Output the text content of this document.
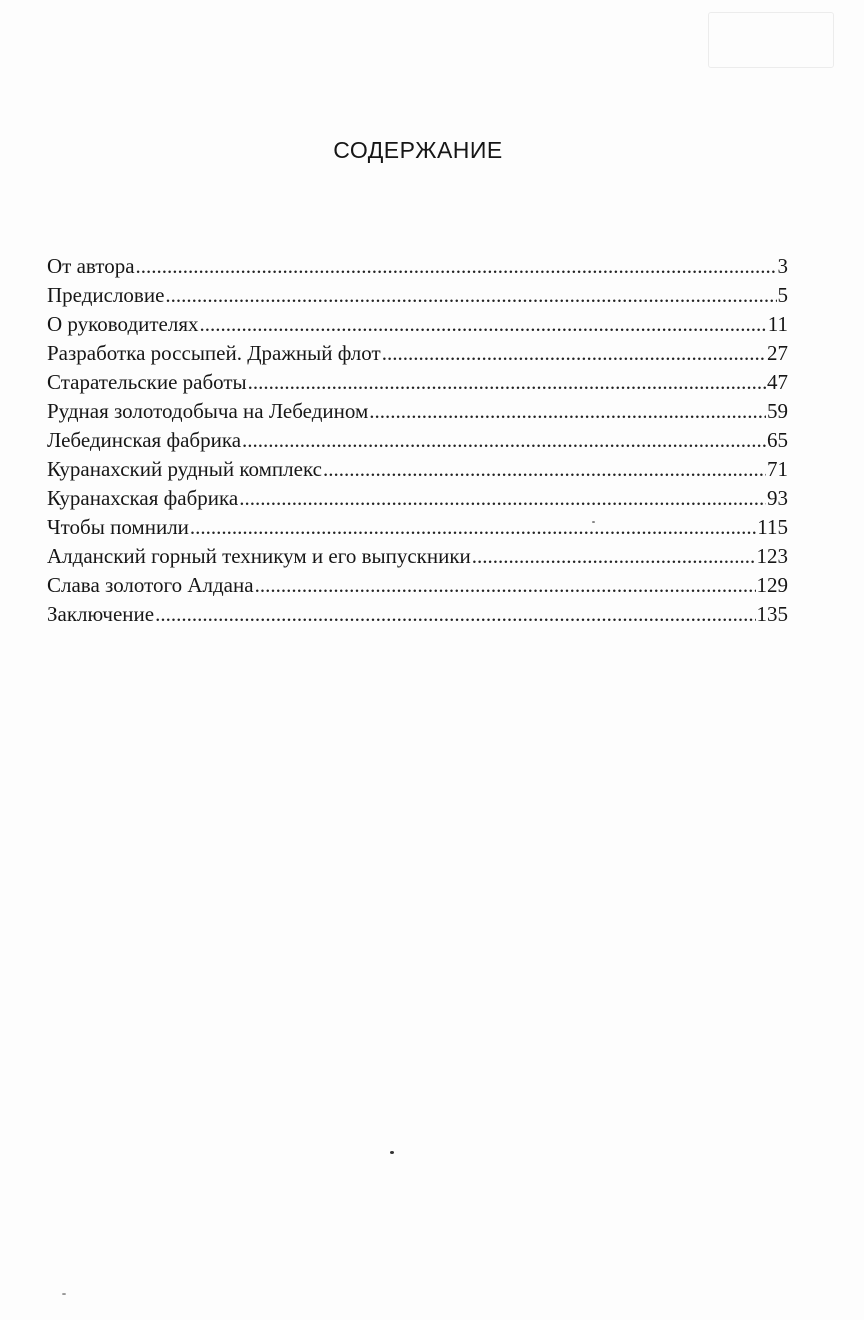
СОДЕРЖАНИЕ
От автора .....	3
Предисловие .....	5
О руководителях .....	11
Разработка россыпей. Дражный флот .....	27
Старательские работы .....	47
Рудная золотодобыча на Лебедином .....	59
Лебединская фабрика .....	65
Куранахский рудный комплекс .....	71
Куранахская фабрика .....	93
Чтобы помнили .....	115
Алданский горный техникум и его выпускники .....	123
Слава золотого Алдана .....	129
Заключение .....	135
